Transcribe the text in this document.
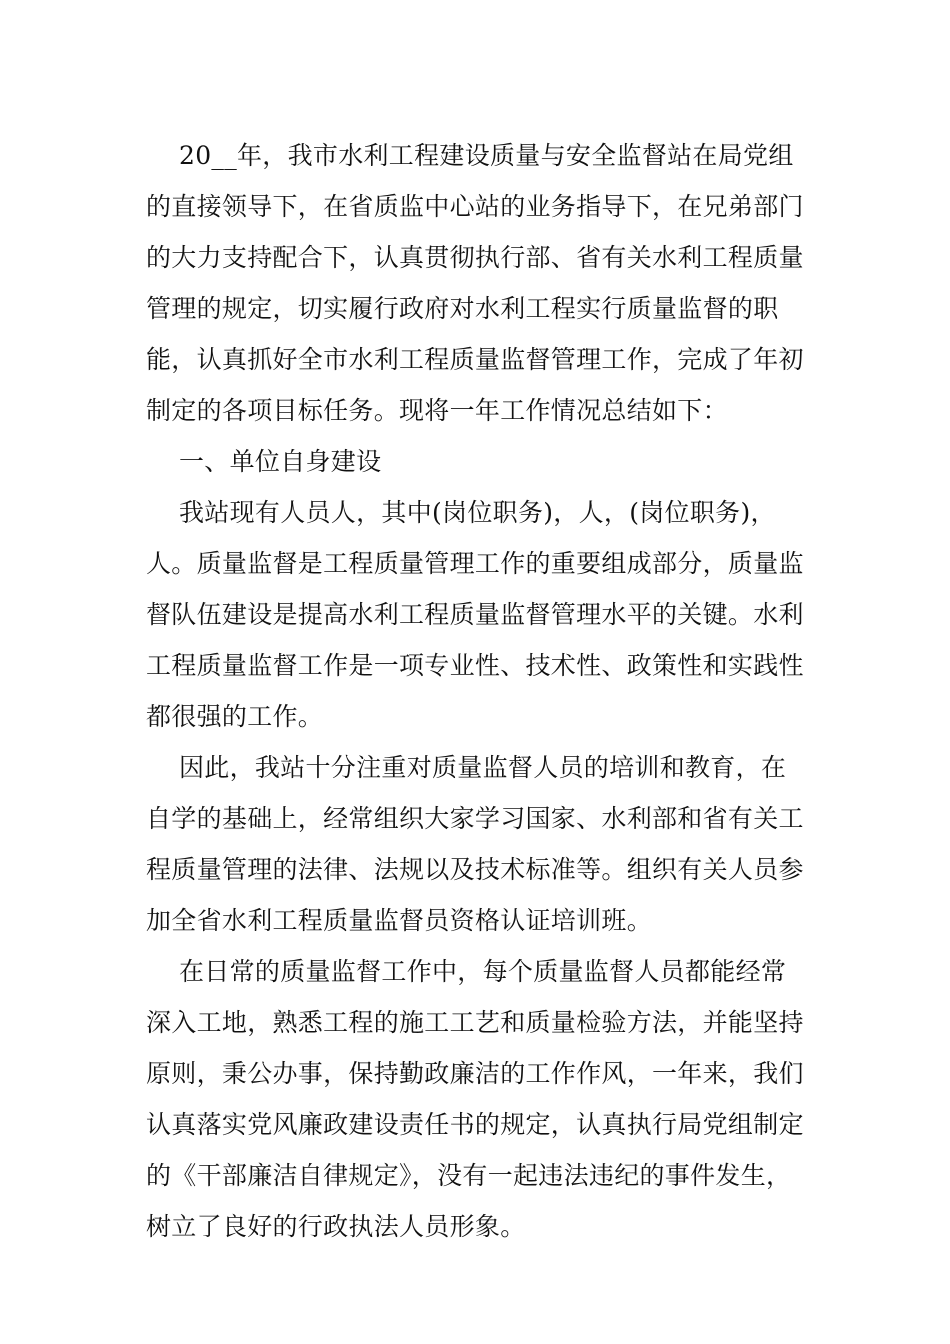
20__年，我市水利工程建设质量与安全监督站在局党组的直接领导下，在省质监中心站的业务指导下，在兄弟部门的大力支持配合下，认真贯彻执行部、省有关水利工程质量管理的规定，切实履行政府对水利工程实行质量监督的职能，认真抓好全市水利工程质量监督管理工作，完成了年初制定的各项目标任务。现将一年工作情况总结如下：

一、单位自身建设

我站现有人员人，其中(岗位职务)，人，(岗位职务)，人。质量监督是工程质量管理工作的重要组成部分，质量监督队伍建设是提高水利工程质量监督管理水平的关键。水利工程质量监督工作是一项专业性、技术性、政策性和实践性都很强的工作。

因此，我站十分注重对质量监督人员的培训和教育，在自学的基础上，经常组织大家学习国家、水利部和省有关工程质量管理的法律、法规以及技术标准等。组织有关人员参加全省水利工程质量监督员资格认证培训班。

在日常的质量监督工作中，每个质量监督人员都能经常深入工地，熟悉工程的施工工艺和质量检验方法，并能坚持原则，秉公办事，保持勤政廉洁的工作作风，一年来，我们认真落实党风廉政建设责任书的规定，认真执行局党组制定的《干部廉洁自律规定》，没有一起违法违纪的事件发生，树立了良好的行政执法人员形象。
